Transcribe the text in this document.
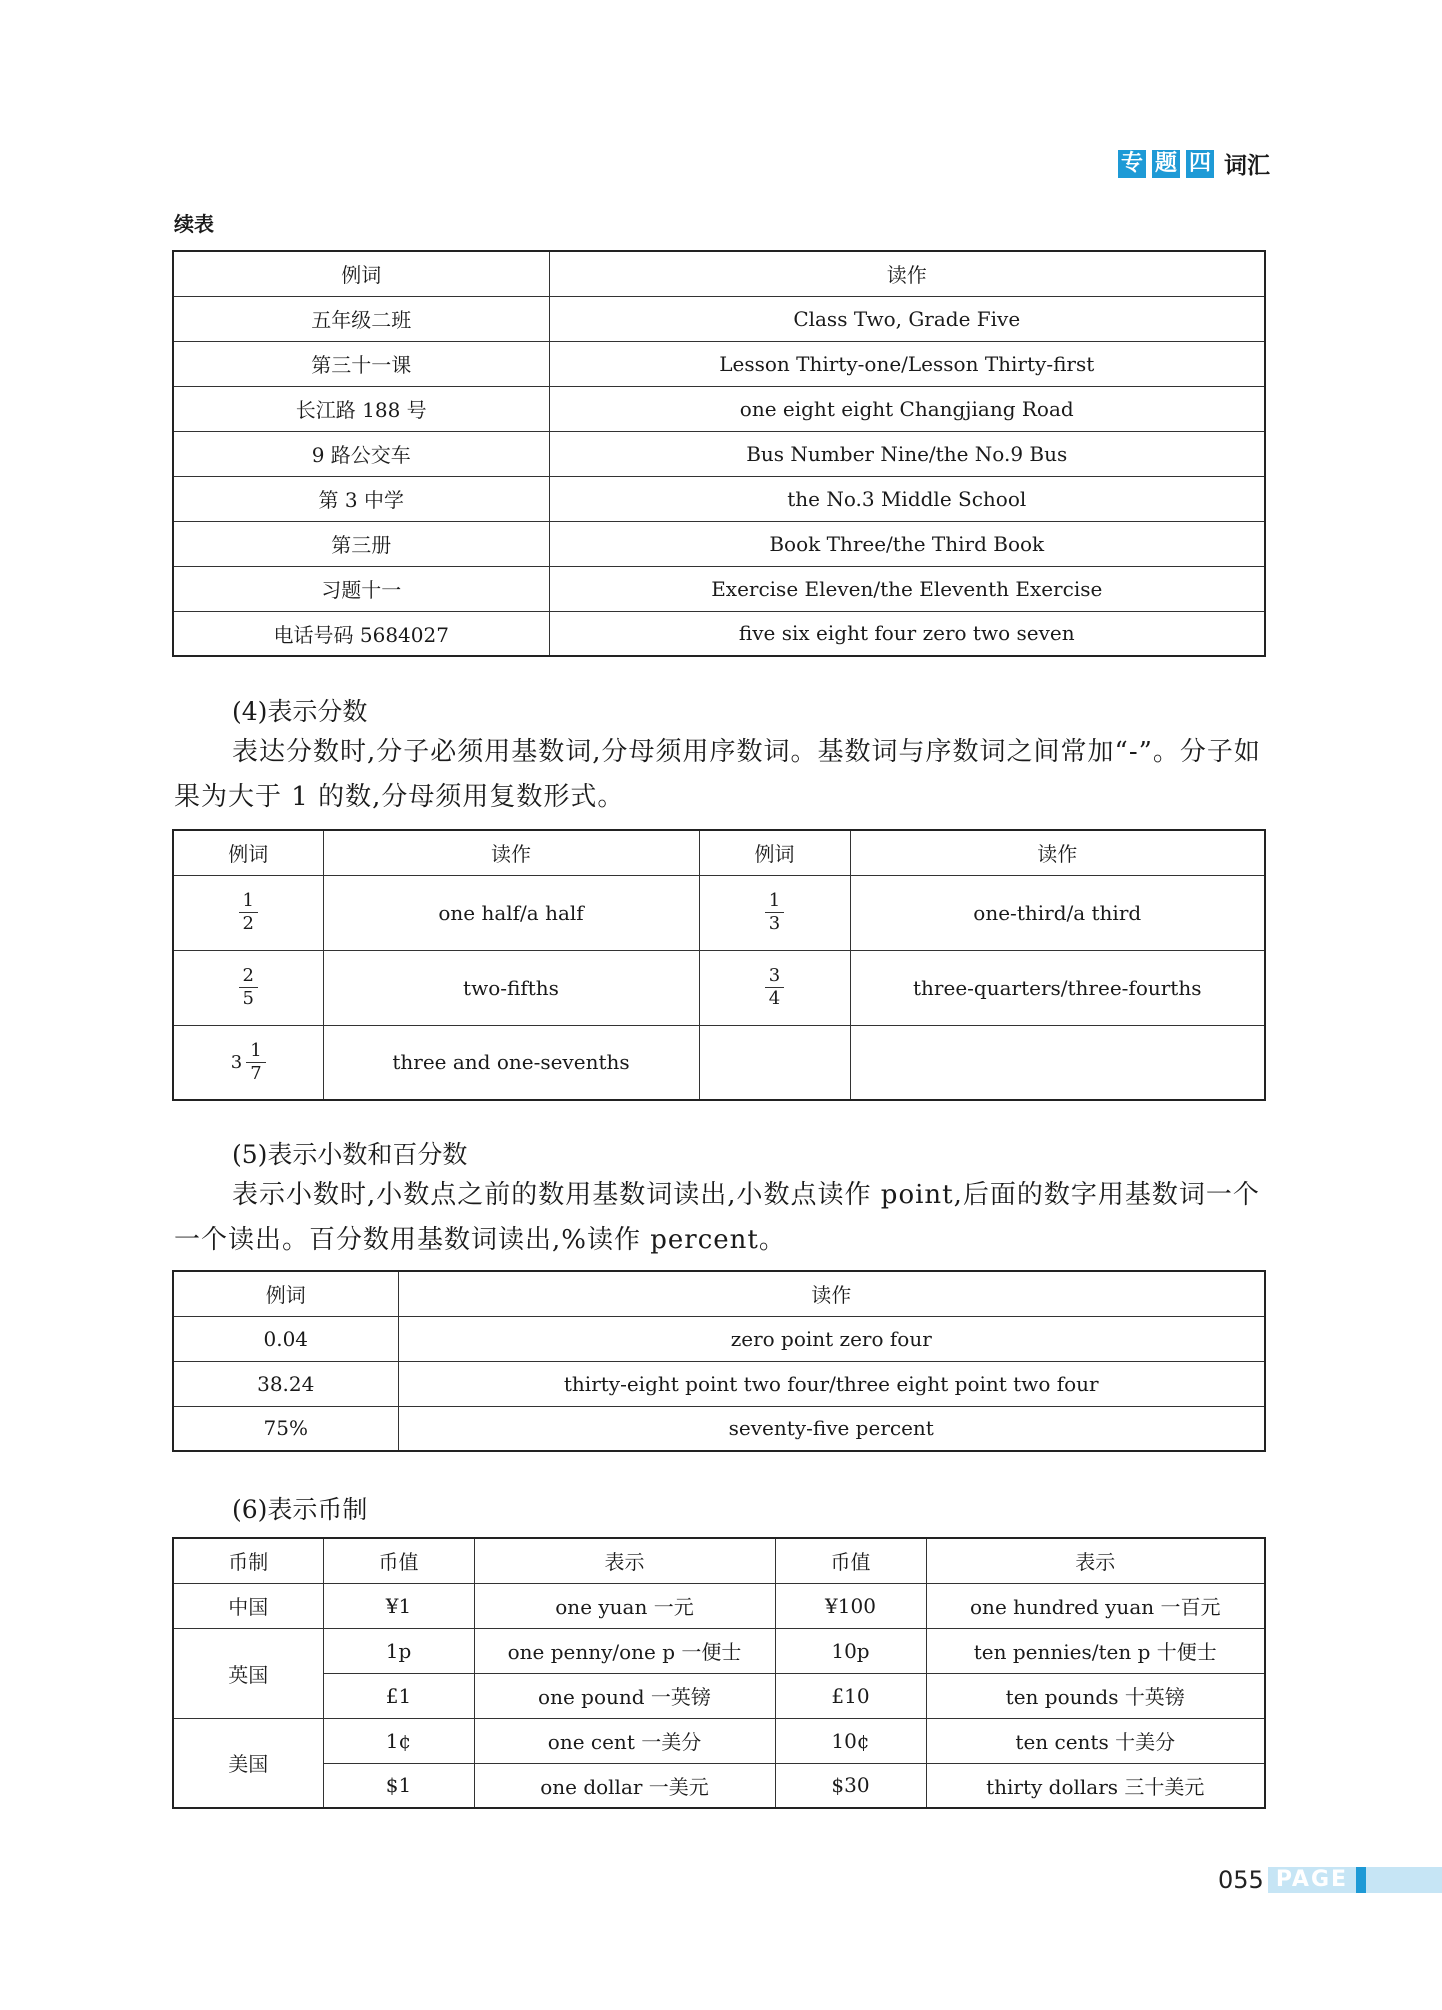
专 题 四 词汇
续表
例词	读作
五年级二班	Class Two, Grade Five
第三十一课	Lesson Thirty-one/Lesson Thirty-first
长江路 188 号	one eight eight Changjiang Road
9 路公交车	Bus Number Nine/the No.9 Bus
第 3 中学	the No.3 Middle School
第三册	Book Three/the Third Book
习题十一	Exercise Eleven/the Eleventh Exercise
电话号码 5684027	five six eight four zero two seven
(4)表示分数
表达分数时,分子必须用基数词,分母须用序数词。基数词与序数词之间常加“-”。分子如果为大于 1 的数,分母须用复数形式。
例词	读作	例词	读作

$\frac{1}{2}$	one half/a half	$\frac{1}{3}$	one-third/a third

$\frac{2}{5}$	two-fifths	$\frac{3}{4}$	three-quarters/three-fourths
$3 \frac{1}{7}$	three and one-sevenths		
(5)表示小数和百分数
表示小数时,小数点之前的数用基数词读出,小数点读作 point,后面的数字用基数词一个一个读出。百分数用基数词读出,%读作 percent。
例词	读作
0.04	zero point zero four
38.24	thirty-eight point two four/three eight point two four
75%	seventy-five percent
(6)表示币制
币制	币值	表示	币值	表示
中国	¥1	one yuan 一元	¥100	one hundred yuan 一百元
英国	1p	one penny/one p 一便士	10p	ten pennies/ten p 十便士
	£1	one pound 一英镑	£10	ten pounds 十英镑
美国	1¢	one cent 一美分	10¢	ten cents 十美分
	$1	one dollar 一美元	$30	thirty dollars 三十美元
055 PAGE
